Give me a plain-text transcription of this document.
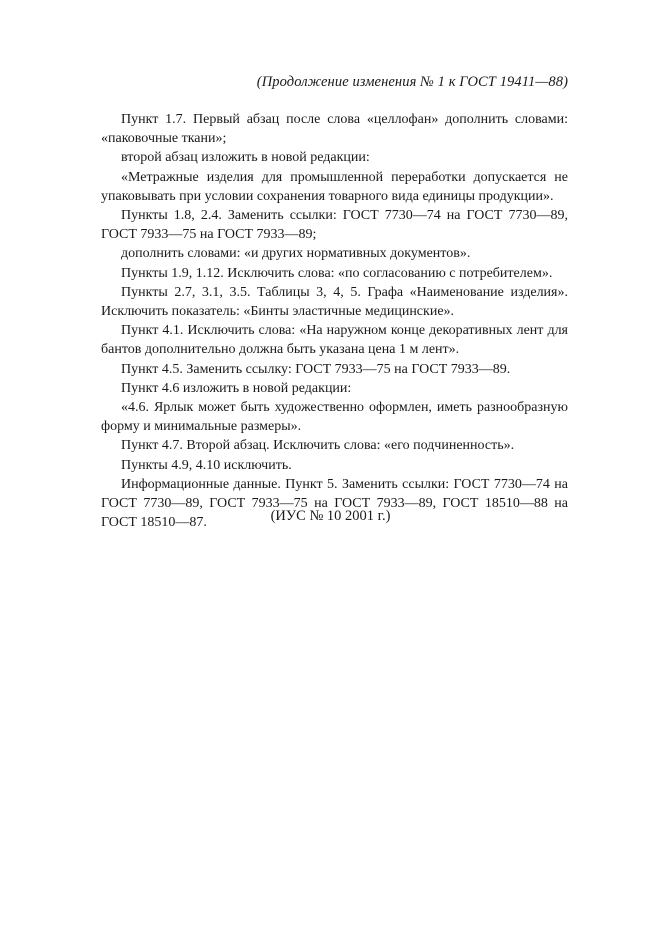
(Продолжение изменения № 1 к ГОСТ 19411—88)

Пункт 1.7. Первый абзац после слова «целлофан» дополнить словами: «паковочные ткани»;

второй абзац изложить в новой редакции:

«Метражные изделия для промышленной переработки допускается не упаковывать при условии сохранения товарного вида единицы продукции».

Пункты 1.8, 2.4. Заменить ссылки: ГОСТ 7730—74 на ГОСТ 7730—89, ГОСТ 7933—75 на ГОСТ 7933—89;

дополнить словами: «и других нормативных документов».

Пункты 1.9, 1.12. Исключить слова: «по согласованию с потребителем».

Пункты 2.7, 3.1, 3.5. Таблицы 3, 4, 5. Графа «Наименование изделия». Исключить показатель: «Бинты эластичные медицинские».

Пункт 4.1. Исключить слова: «На наружном конце декоративных лент для бантов дополнительно должна быть указана цена 1 м лент».

Пункт 4.5. Заменить ссылку: ГОСТ 7933—75 на ГОСТ 7933—89.

Пункт 4.6 изложить в новой редакции:

«4.6. Ярлык может быть художественно оформлен, иметь разнообразную форму и минимальные размеры».

Пункт 4.7. Второй абзац. Исключить слова: «его подчиненность».

Пункты 4.9, 4.10 исключить.

Информационные данные. Пункт 5. Заменить ссылки: ГОСТ 7730—74 на ГОСТ 7730—89, ГОСТ 7933—75 на ГОСТ 7933—89, ГОСТ 18510—88 на ГОСТ 18510—87.	(ИУС № 10 2001 г.)
